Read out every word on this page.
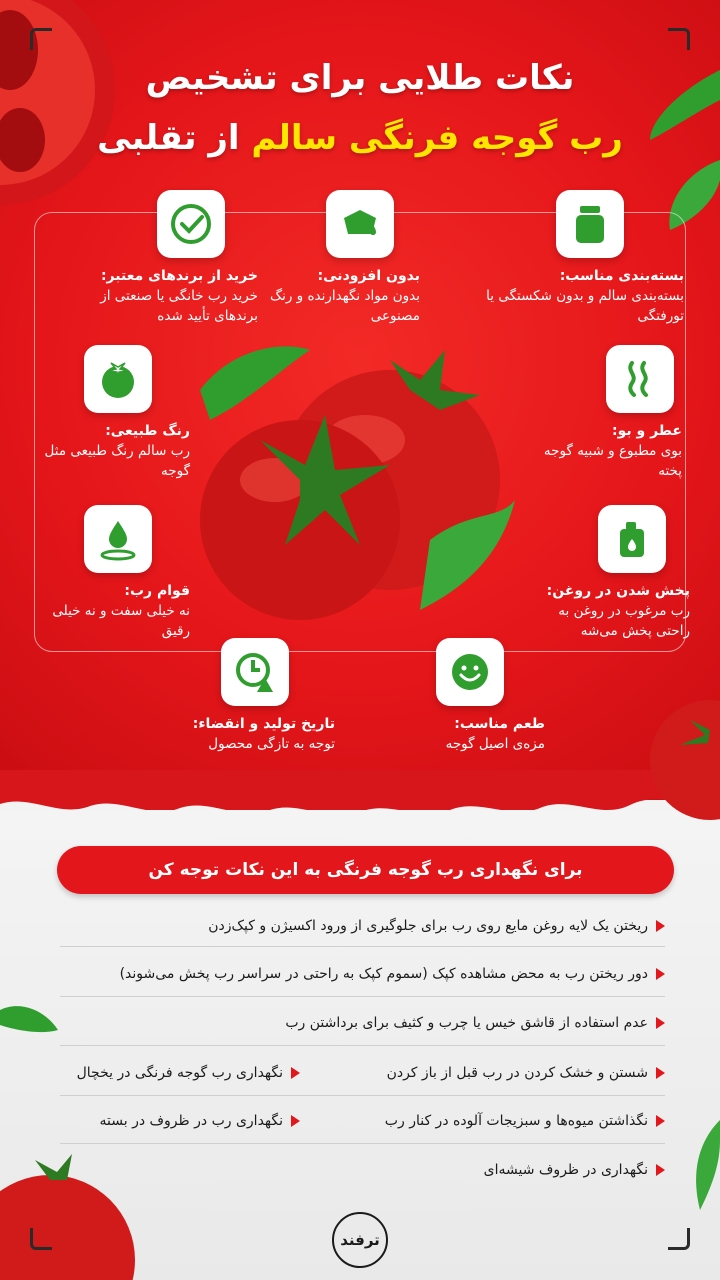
نکات طلایی برای تشخیص
رب گوجه فرنگی سالم از تقلبی
خرید از برندهای معتبر:
خرید رب خانگی یا صنعتی از برندهای تأیید شده
بدون افزودنی:
بدون مواد نگهدارنده و رنگ مصنوعی
بسته‌بندی مناسب:
بسته‌بندی سالم و بدون شکستگی یا تورفتگی
رنگ طبیعی:
رب سالم رنگ طبیعی مثل گوجه
عطر و بو:
بوی مطبوع و شبیه گوجه پخته
قوام رب:
نه خیلی سفت و نه خیلی رقیق
پخش شدن در روغن:
رب مرغوب در روغن به راحتی پخش می‌شه
تاریخ تولید و انقضاء:
توجه به تازگی محصول
طعم مناسب:
مزه‌ی اصیل گوجه
برای نگهداری رب گوجه فرنگی به این نکات توجه کن
ریختن یک لایه روغن مایع روی رب برای جلوگیری از ورود اکسیژن و کپک‌زدن
دور ریختن رب به محض مشاهده کپک (سموم کپک به راحتی در سراسر رب پخش می‌شوند)
عدم استفاده از قاشق خیس یا چرب و کثیف برای برداشتن رب
شستن و خشک کردن در رب قبل از باز کردن
نگهداری رب گوجه فرنگی در یخچال
نگذاشتن میوه‌ها و سبزیجات آلوده در کنار رب
نگهداری رب در ظروف در بسته
نگهداری در ظروف شیشه‌ای
ترفند
